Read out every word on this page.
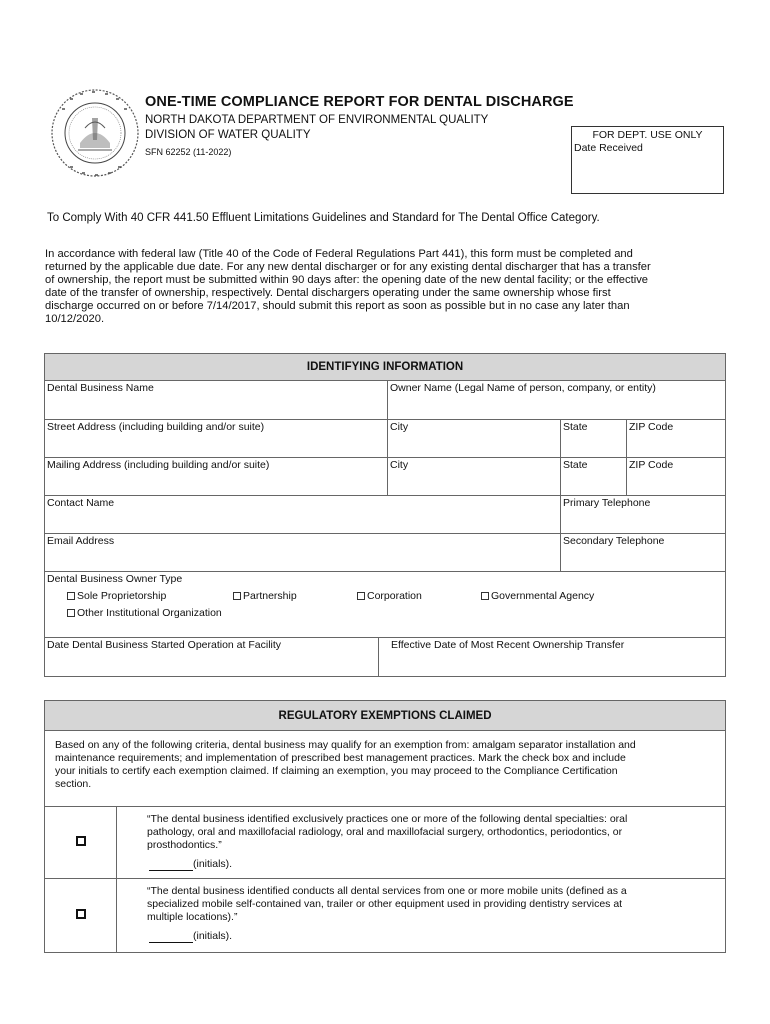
ONE-TIME COMPLIANCE REPORT FOR DENTAL DISCHARGE
NORTH DAKOTA DEPARTMENT OF ENVIRONMENTAL QUALITY
DIVISION OF WATER QUALITY
SFN 62252 (11-2022)
FOR DEPT. USE ONLY
Date Received
To Comply With 40 CFR 441.50 Effluent Limitations Guidelines and Standard for The Dental Office Category.

In accordance with federal law (Title 40 of the Code of Federal Regulations Part 441), this form must be completed and

returned by the applicable due date. For any new dental discharger or for any existing dental discharger that has a transfer

of ownership, the report must be submitted within 90 days after: the opening date of the new dental facility; or the effective

date of the transfer of ownership, respectively. Dental dischargers operating under the same ownership whose first

discharge occurred on or before 7/14/2017, should submit this report as soon as possible but in no case any later than

10/12/2020.

IDENTIFYING INFORMATION				
Dental Business Name		Owner Name (Legal Name of person, company, or entity)		
Street Address (including building and/or suite)		City	State	ZIP Code
Mailing Address (including building and/or suite)		City	State	ZIP Code
Contact Name			Primary Telephone	
Email Address			Secondary Telephone	

Dental Business Owner Type
Sole Proprietorship Partnership Corporation Governmental Agency
Other Institutional Organization				

Date Dental Business Started Operation at Facility	Effective Date of Most Recent Ownership Transfer			
REGULATORY EXEMPTIONS CLAIMED	

Based on any of the following criteria, dental business may qualify for an exemption from: amalgam separator installation and
maintenance requirements; and implementation of prescribed best management practices. Mark the check box and include
your initials to certify each exemption claimed. If claiming an exemption, you may proceed to the Compliance Certification
section.	

	“The dental business identified exclusively practices one or more of the following dental specialties: oral
pathology, oral and maxillofacial radiology, oral and maxillofacial surgery, orthodontics, periodontics, or
prosthodontics.”
(initials).

	“The dental business identified conducts all dental services from one or more mobile units (defined as a
specialized mobile self-contained van, trailer or other equipment used in providing dentistry services at
multiple locations).”
(initials).
